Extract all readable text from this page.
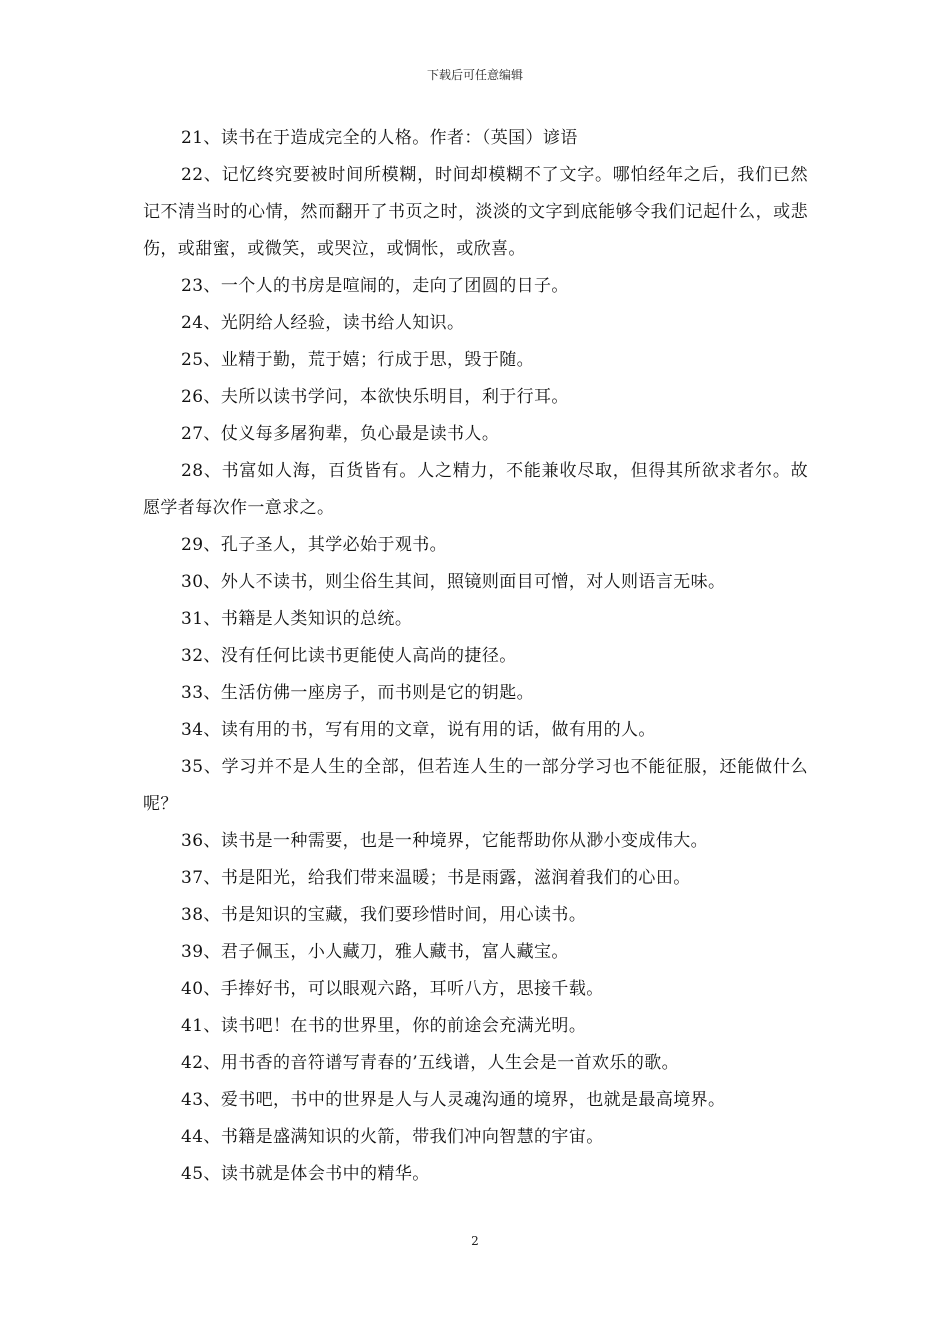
下载后可任意编辑

21、读书在于造成完全的人格。作者：（英国）谚语

22、记忆终究要被时间所模糊，时间却模糊不了文字。哪怕经年之后，我们已然记不清当时的心情，然而翻开了书页之时，淡淡的文字到底能够令我们记起什么，或悲伤，或甜蜜，或微笑，或哭泣，或惆怅，或欣喜。

23、一个人的书房是喧闹的，走向了团圆的日子。

24、光阴给人经验，读书给人知识。

25、业精于勤，荒于嬉；行成于思，毁于随。

26、夫所以读书学问，本欲快乐明目，利于行耳。

27、仗义每多屠狗辈，负心最是读书人。

28、书富如人海，百货皆有。人之精力，不能兼收尽取，但得其所欲求者尔。故愿学者每次作一意求之。

29、孔子圣人，其学必始于观书。

30、外人不读书，则尘俗生其间，照镜则面目可憎，对人则语言无味。

31、书籍是人类知识的总统。

32、没有任何比读书更能使人高尚的捷径。

33、生活仿佛一座房子，而书则是它的钥匙。

34、读有用的书，写有用的文章，说有用的话，做有用的人。

35、学习并不是人生的全部，但若连人生的一部分学习也不能征服，还能做什么呢？

36、读书是一种需要，也是一种境界，它能帮助你从渺小变成伟大。

37、书是阳光，给我们带来温暖；书是雨露，滋润着我们的心田。

38、书是知识的宝藏，我们要珍惜时间，用心读书。

39、君子佩玉，小人藏刀，雅人藏书，富人藏宝。

40、手捧好书，可以眼观六路，耳听八方，思接千载。

41、读书吧！在书的世界里，你的前途会充满光明。

42、用书香的音符谱写青春的’五线谱，人生会是一首欢乐的歌。

43、爱书吧，书中的世界是人与人灵魂沟通的境界，也就是最高境界。

44、书籍是盛满知识的火箭，带我们冲向智慧的宇宙。

45、读书就是体会书中的精华。

2
